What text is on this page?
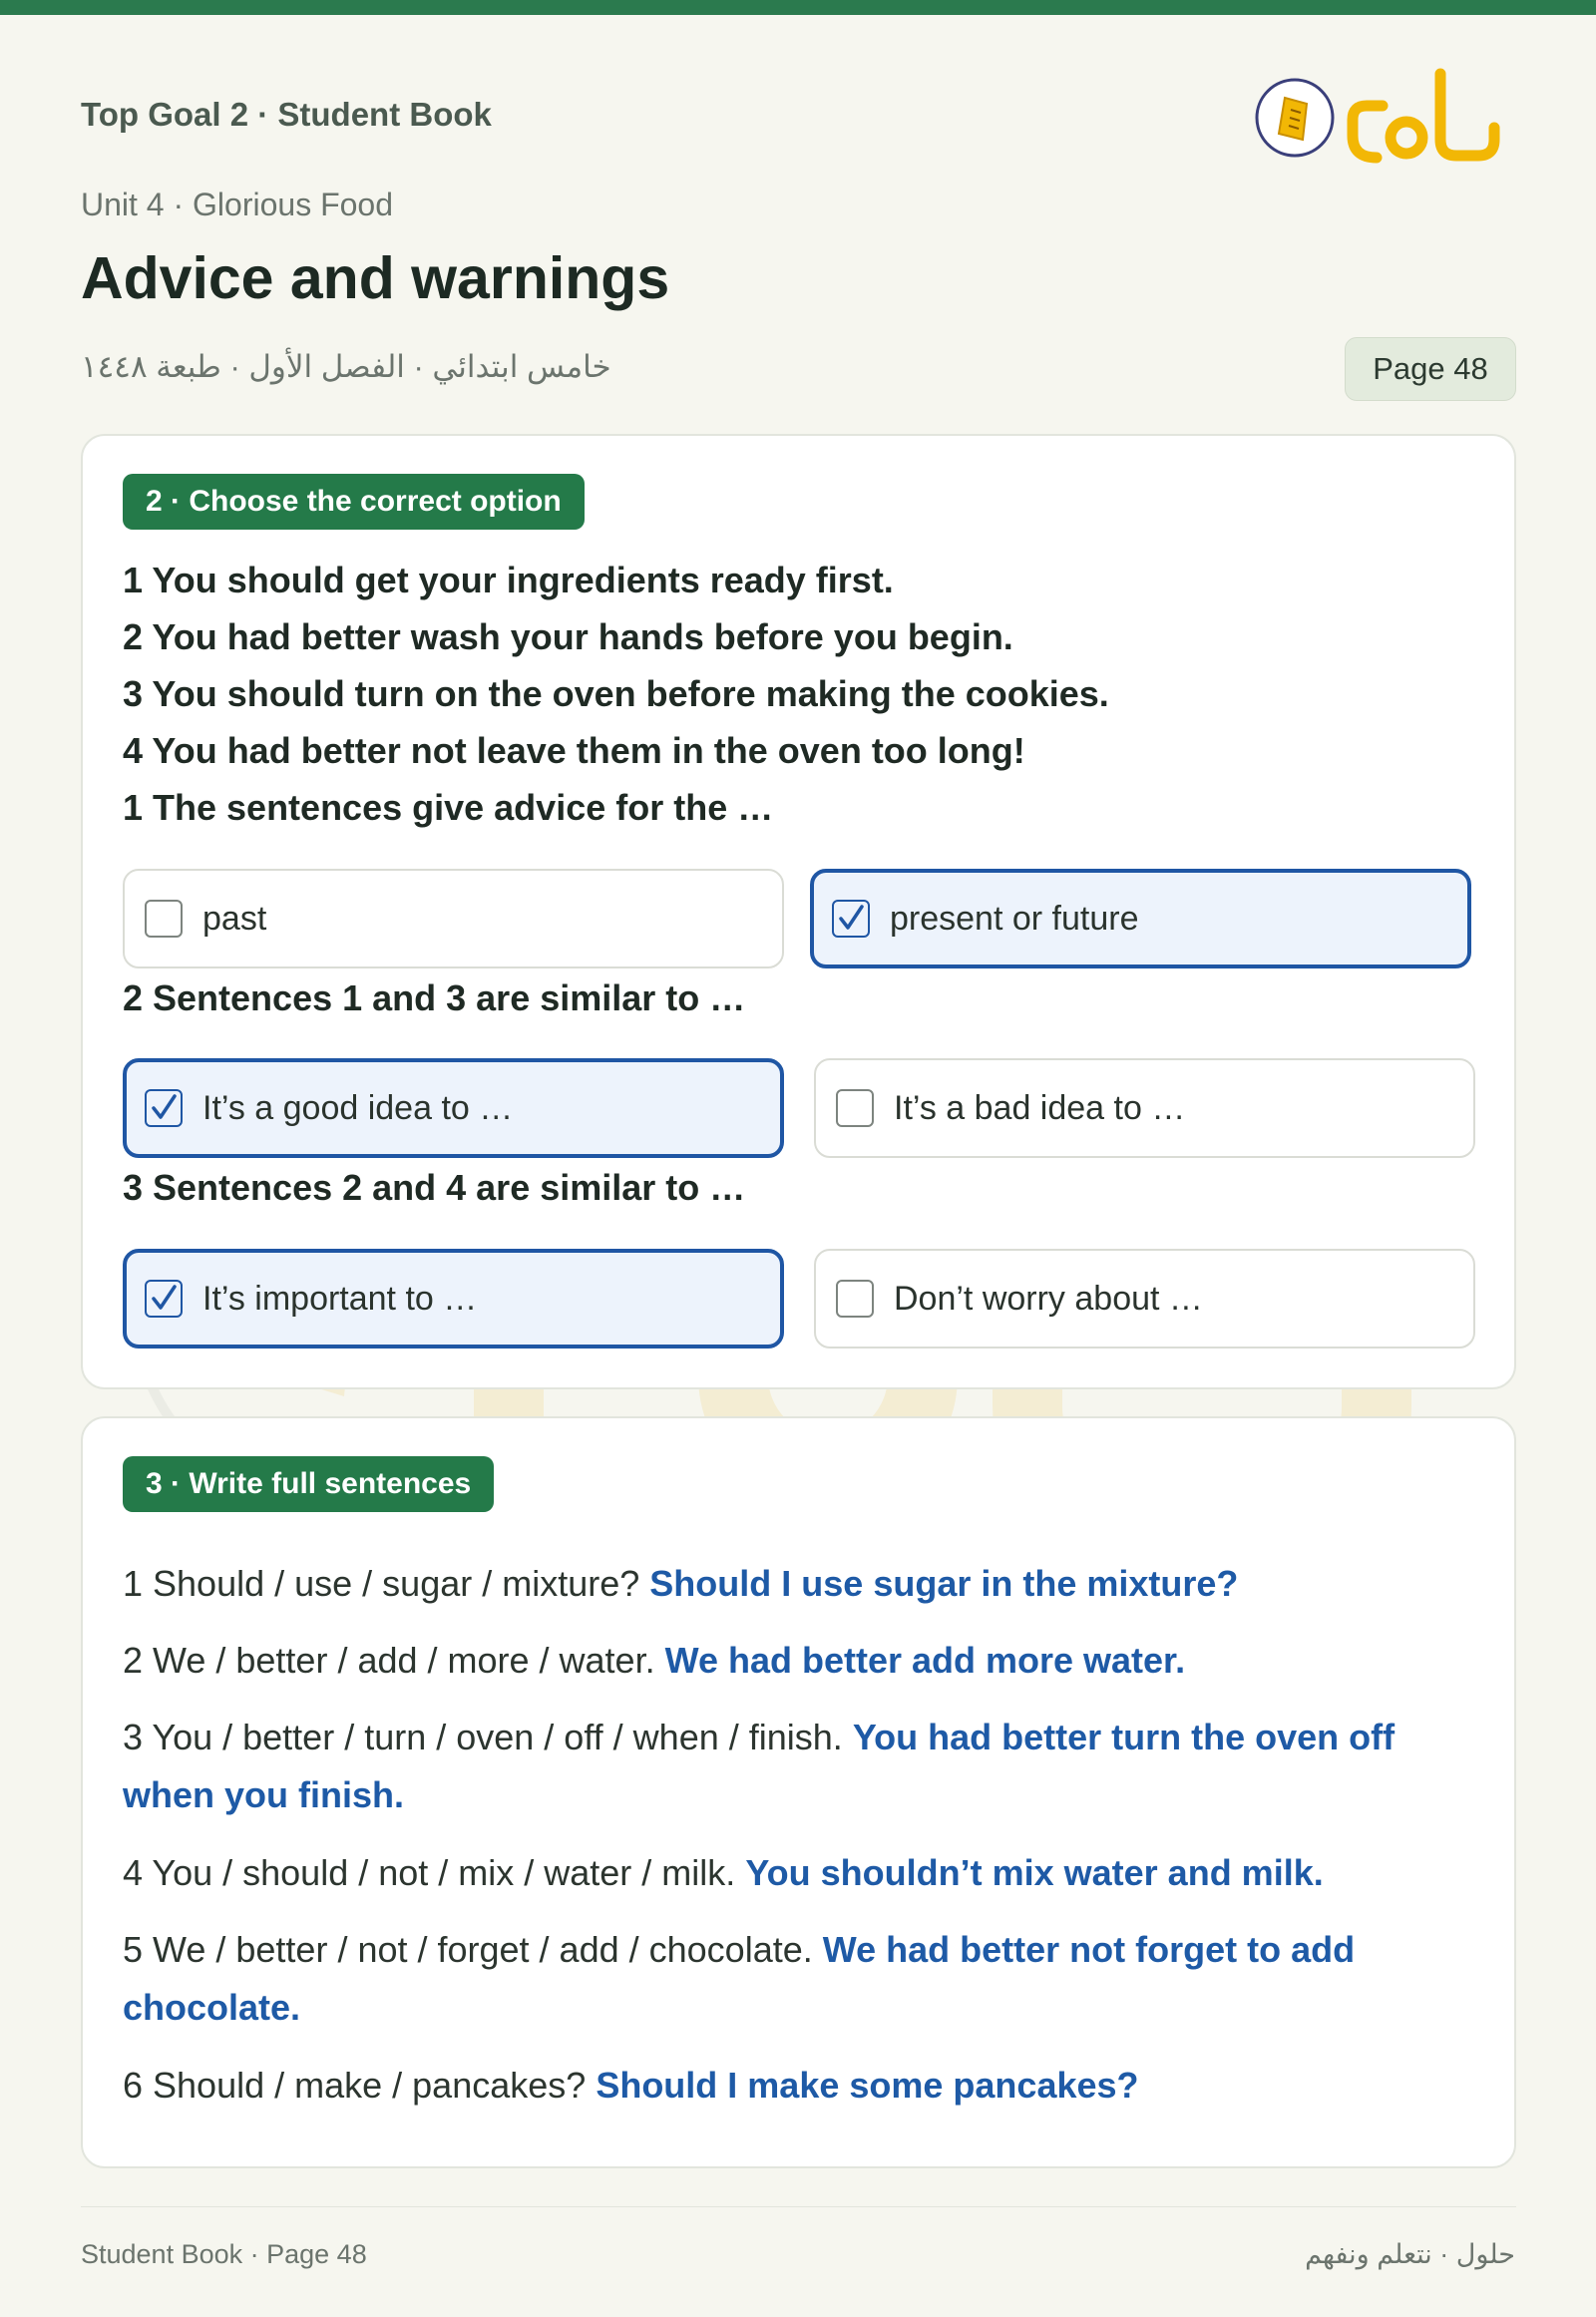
Top Goal 2 · Student Book
Unit 4 · Glorious Food
Advice and warnings
خامس ابتدائي · الفصل الأول · طبعة ١٤٤٨	Page 48
حلول
2 · Choose the correct option
1 You should get your ingredients ready first.
2 You had better wash your hands before you begin.
3 You should turn on the oven before making the cookies.
4 You had better not leave them in the oven too long!
1 The sentences give advice for the …
past	present or future
2 Sentences 1 and 3 are similar to …
It’s a good idea to …	It’s a bad idea to …
3 Sentences 2 and 4 are similar to …
It’s important to …	Don’t worry about …
3 · Write full sentences
1 Should / use / sugar / mixture? Should I use sugar in the mixture?
2 We / better / add / more / water. We had better add more water.
3 You / better / turn / oven / off / when / finish. You had better turn the oven off when you finish.
4 You / should / not / mix / water / milk. You shouldn’t mix water and milk.
5 We / better / not / forget / add / chocolate. We had better not forget to add chocolate.
6 Should / make / pancakes? Should I make some pancakes?
Student Book · Page 48	حلول · نتعلم ونفهم
